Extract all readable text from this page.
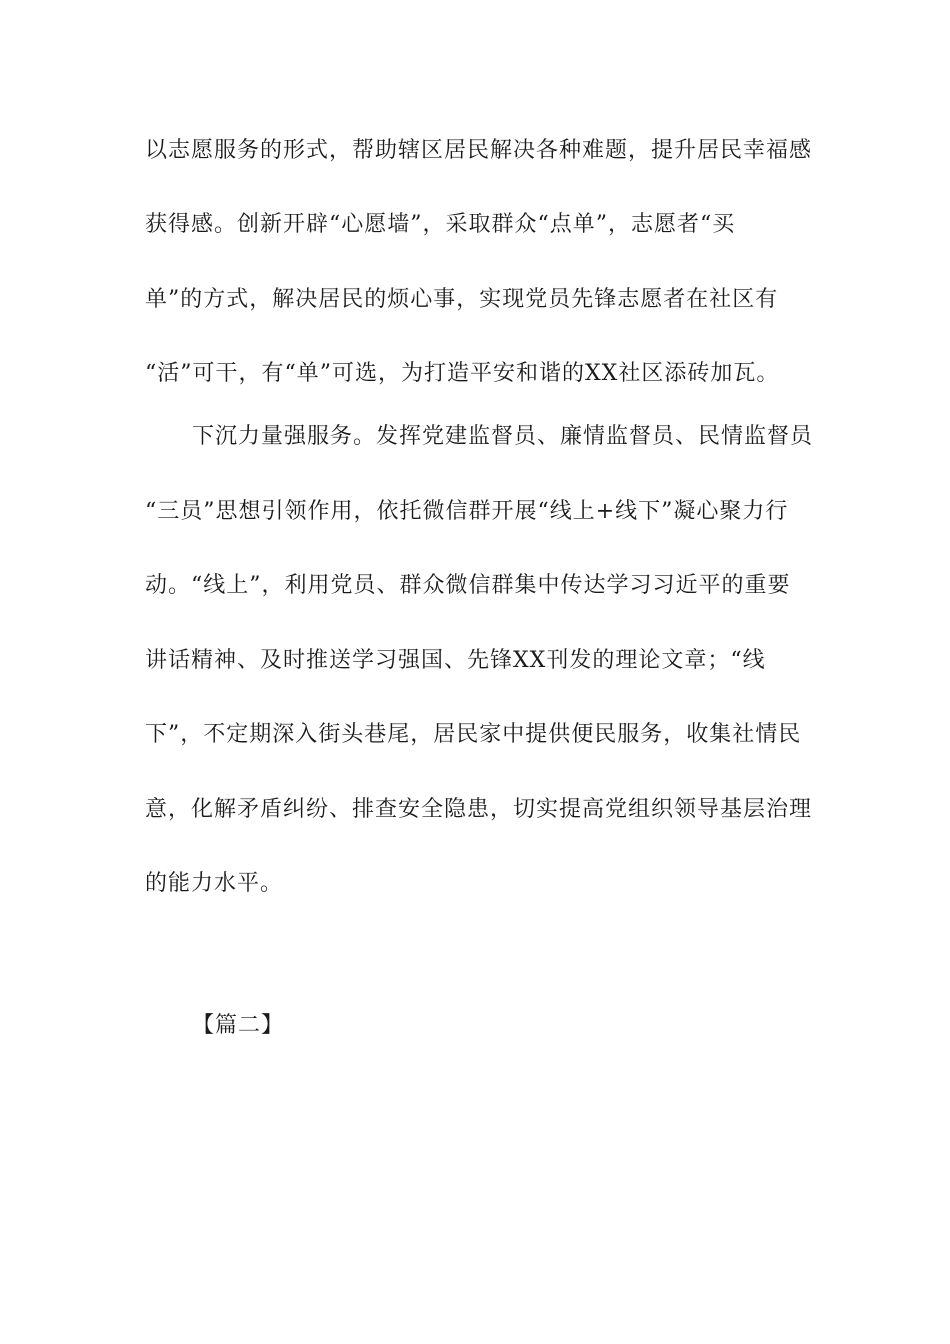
以志愿服务的形式，帮助辖区居民解决各种难题，提升居民幸福感
获得感。创新开辟“心愿墙”，采取群众“点单”，志愿者“买
单”的方式，解决居民的烦心事，实现党员先锋志愿者在社区有
“活”可干，有“单”可选，为打造平安和谐的XX社区添砖加瓦。
下沉力量强服务。发挥党建监督员、廉情监督员、民情监督员
“三员”思想引领作用，依托微信群开展“线上+线下”凝心聚力行
动。“线上”，利用党员、群众微信群集中传达学习习近平的重要
讲话精神、及时推送学习强国、先锋XX刊发的理论文章；“线
下”，不定期深入街头巷尾，居民家中提供便民服务，收集社情民
意，化解矛盾纠纷、排查安全隐患，切实提高党组织领导基层治理
的能力水平。
【篇二】
